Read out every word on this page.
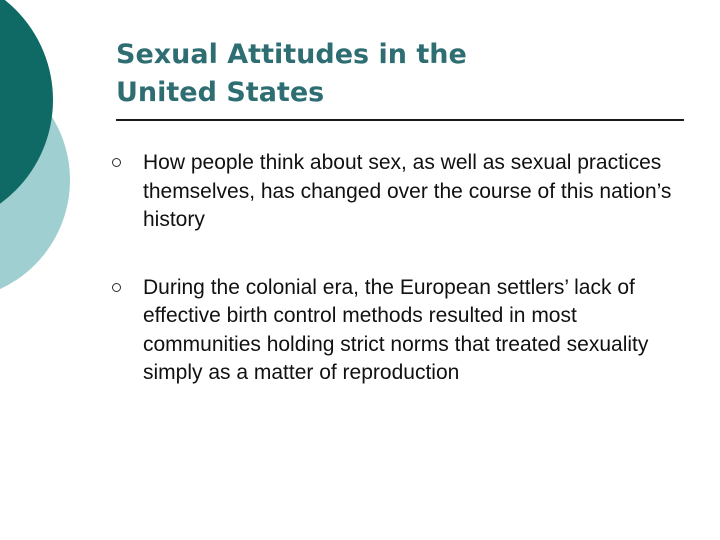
Sexual Attitudes in the
United States
How people think about sex, as well as sexual practices themselves, has changed over the course of this nation’s history
During the colonial era, the European settlers’ lack of effective birth control methods resulted in most communities holding strict norms that treated sexuality simply as a matter of reproduction
